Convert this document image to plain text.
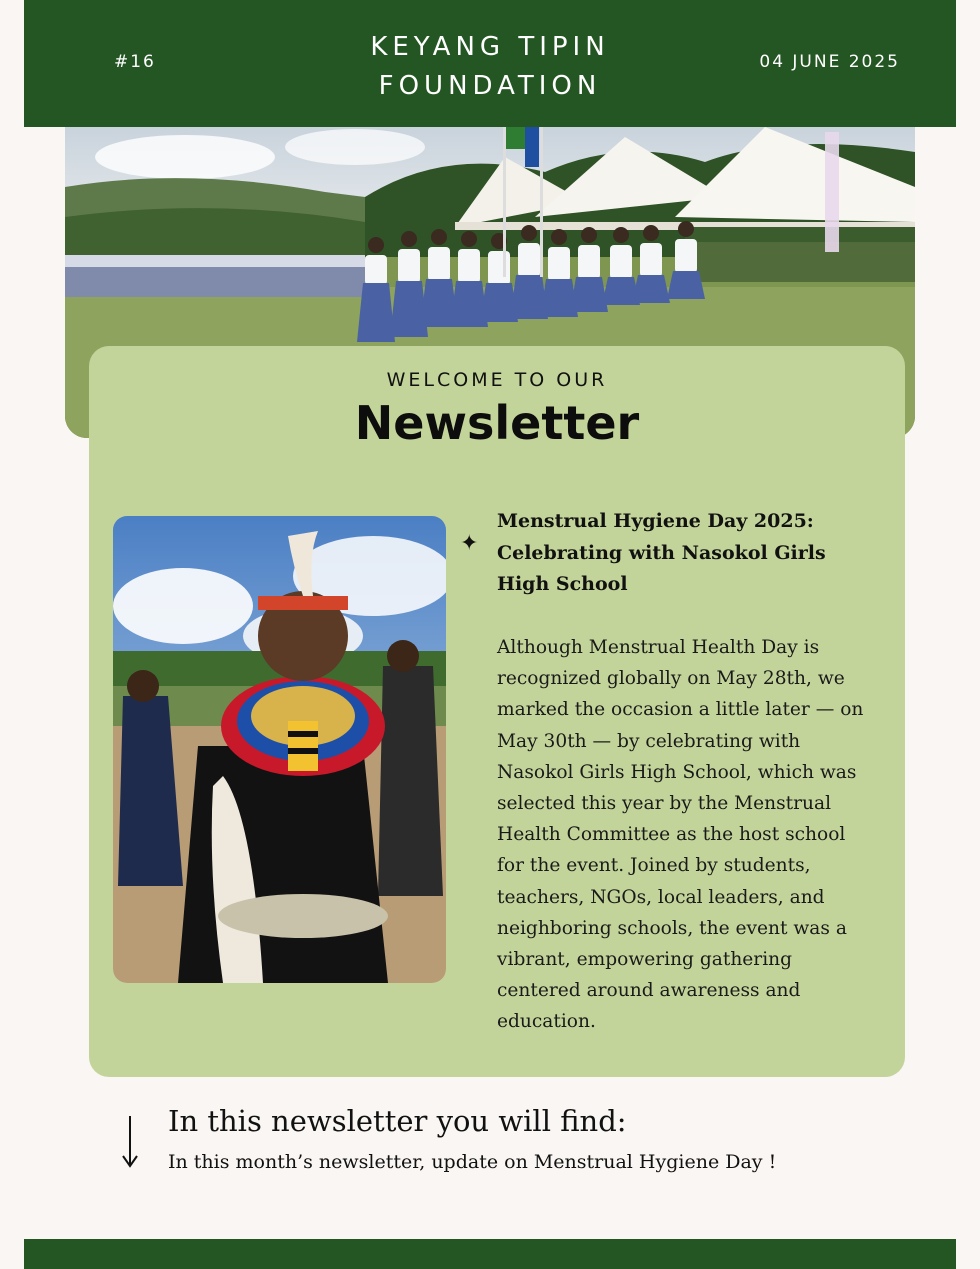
#16	KEYANG TIPIN
FOUNDATION
04 JUNE 2025
WELCOME TO OUR
Newsletter
✦
Menstrual Hygiene Day 2025: Celebrating with Nasokol Girls High School
Although Menstrual Health Day is recognized globally on May 28th, we marked the occasion a little later — on May 30th — by celebrating with Nasokol Girls High School, which was selected this year by the Menstrual Health Committee as the host school for the event. Joined by students, teachers, NGOs, local leaders, and neighboring schools, the event was a vibrant, empowering gathering centered around awareness and education.
In this newsletter you will find:
In this month’s newsletter, update on Menstrual Hygiene Day !
